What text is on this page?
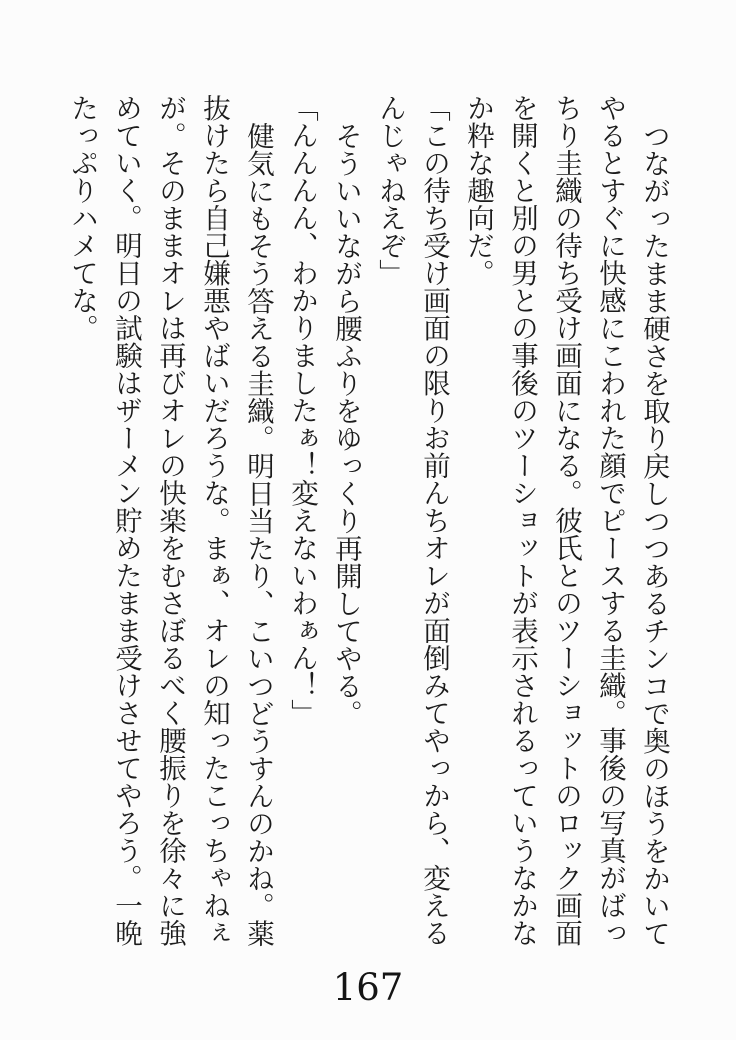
つながったまま硬さを取り戻しつつあるチンコで奥のほうをかいてやるとすぐに快感にこわれた顔でピースする圭織。事後の写真がばっちり圭織の待ち受け画面になる。彼氏とのツーショットのロック画面を開くと別の男との事後のツーショットが表示されるっていうなかなか粋な趣向だ。

「この待ち受け画面の限りお前んちオレが面倒みてやっから、変えるんじゃねえぞ」

そういいながら腰ふりをゆっくり再開してやる。

「んんんん、わかりましたぁ！変えないわぁん！」

健気にもそう答える圭織。明日当たり、こいつどうすんのかね。薬抜けたら自己嫌悪やばいだろうな。まぁ、オレの知ったこっちゃねぇが。そのままオレは再びオレの快楽をむさぼるべく腰振りを徐々に強めていく。明日の試験はザーメン貯めたまま受けさせてやろう。一晩たっぷりハメてな。

167
